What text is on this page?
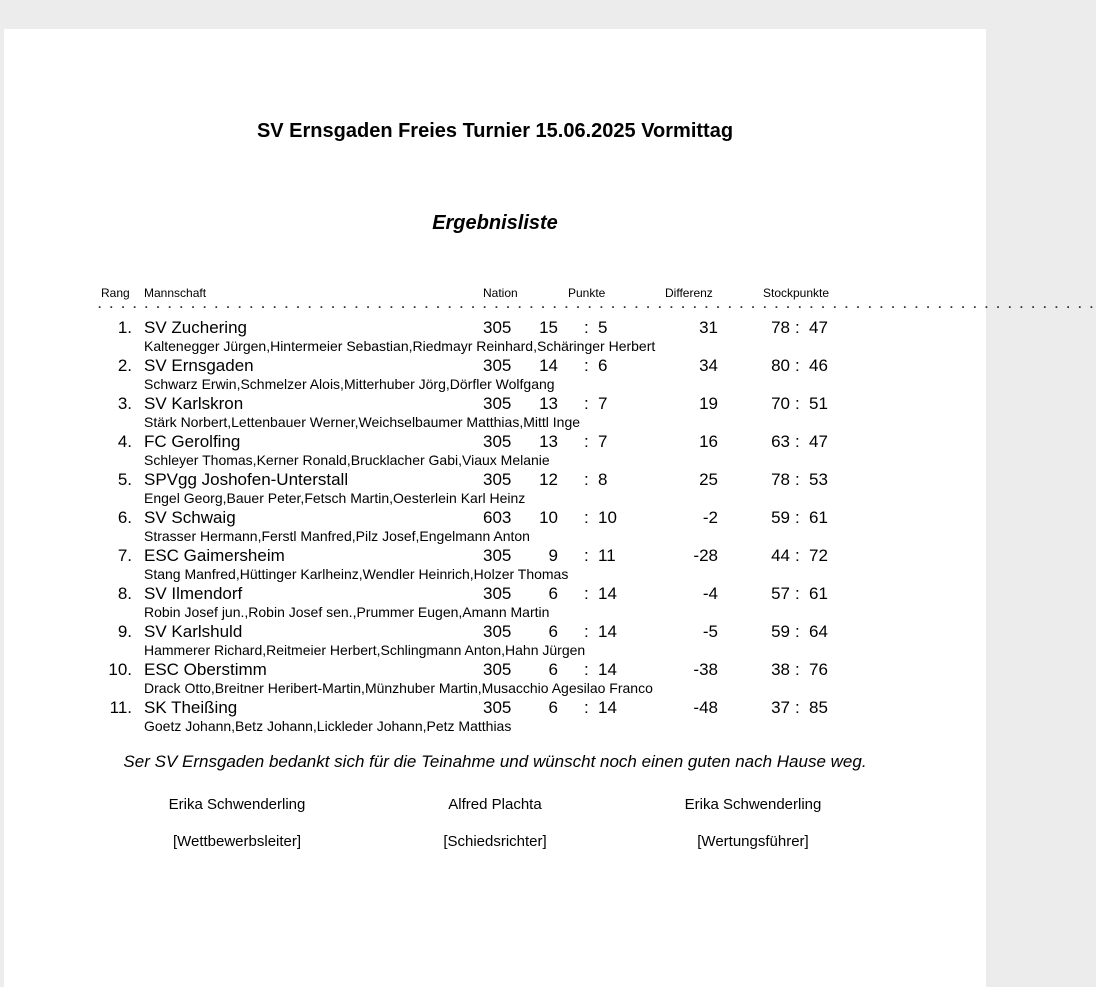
SV Ernsgaden Freies Turnier 15.06.2025 Vormittag
Ergebnisliste
Rang Mannschaft	Nation	Punkte	Differenz	Stockpunkte
. . . . . . . . . . . . . . . . . . . . . . . . . . . . . . . . . . . . . . . . . . . . . . . . . . . . . . . . . . . . . . . . . . . . . . . . . . . . . . . . . . . . . .
1. SV Zuchering	305 15 : 5	31	78 : 47
Kaltenegger Jürgen,Hintermeier Sebastian,Riedmayr Reinhard,Schäringer Herbert
2. SV Ernsgaden	305 14 : 6	34	80 : 46
Schwarz Erwin,Schmelzer Alois,Mitterhuber Jörg,Dörfler Wolfgang
3. SV Karlskron	305 13 : 7	19	70 : 51
Stärk Norbert,Lettenbauer Werner,Weichselbaumer Matthias,Mittl Inge
4. FC Gerolfing	305 13 : 7	16	63 : 47
Schleyer Thomas,Kerner Ronald,Brucklacher Gabi,Viaux Melanie
5. SPVgg Joshofen-Unterstall	305 12 : 8	25	78 : 53
Engel Georg,Bauer Peter,Fetsch Martin,Oesterlein Karl Heinz
6. SV Schwaig	603 10 : 10	-2	59 : 61
Strasser Hermann,Ferstl Manfred,Pilz Josef,Engelmann Anton
7. ESC Gaimersheim	305 9 : 11	-28	44 : 72
Stang Manfred,Hüttinger Karlheinz,Wendler Heinrich,Holzer Thomas
8. SV Ilmendorf	305 6 : 14	-4	57 : 61
Robin Josef jun.,Robin Josef sen.,Prummer Eugen,Amann Martin
9. SV Karlshuld	305 6 : 14	-5	59 : 64
Hammerer Richard,Reitmeier Herbert,Schlingmann Anton,Hahn Jürgen
10. ESC Oberstimm	305 6 : 14	-38	38 : 76
Drack Otto,Breitner Heribert-Martin,Münzhuber Martin,Musacchio Agesilao Franco
11. SK Theißing	305 6 : 14	-48	37 : 85
Goetz Johann,Betz Johann,Lickleder Johann,Petz Matthias
Ser SV Ernsgaden bedankt sich für die Teinahme und wünscht noch einen guten nach Hause weg.
Erika Schwenderling	Alfred Plachta	Erika Schwenderling
[Wettbewerbsleiter]	[Schiedsrichter]	[Wertungsführer]
